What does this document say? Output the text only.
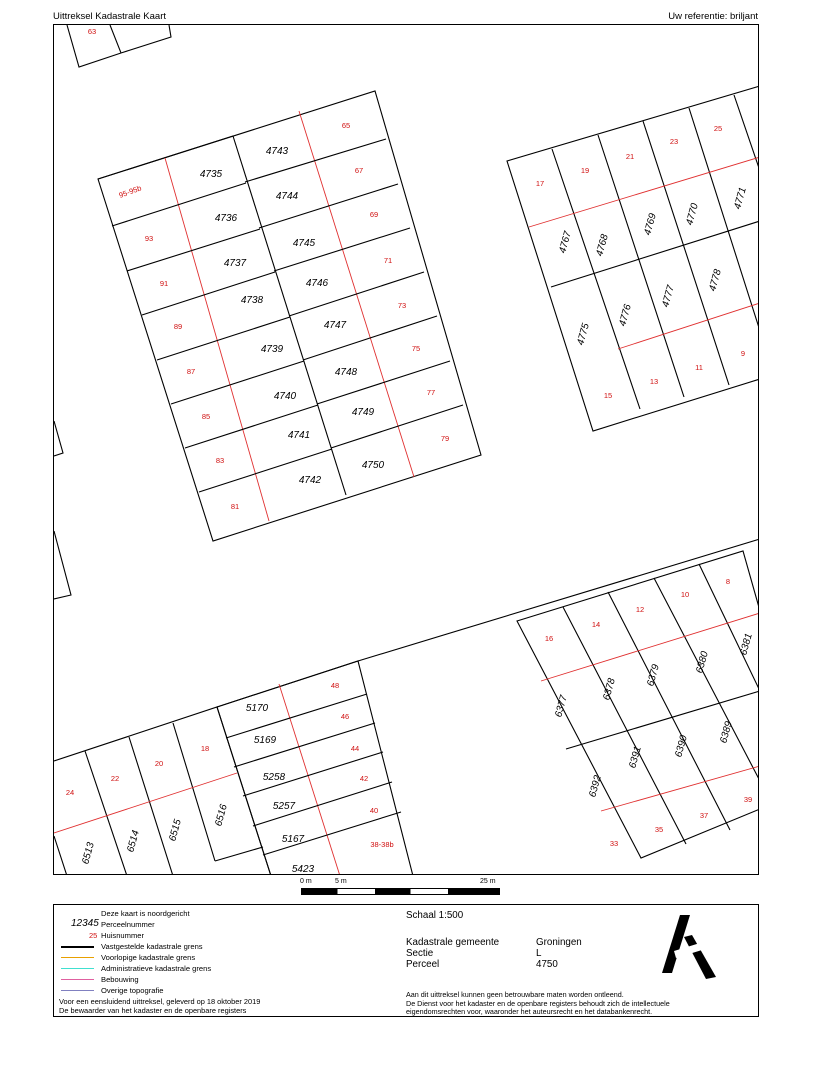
Uittreksel Kadastrale Kaart	Uw referentie: briljant
4735
4736
4737
4738
4739
4740
4741
4742
4743
4744
4745
4746
4747
4748
4749
4750
4767 4768
4769	4770
4771
4775
4776
4777
4778
6377
6378
6379
6380
6381
6392
6391	6390
6389
5170
5169
5258
5257
5167
5423
6513	6514	6515
6516
63
65
67
69
71
73
75
77
79
95-95b
93
91
89
87
85
83
81
17
19
21
23
25
15
13
11
9
16
14
12
10
8
33
35
37
39
48
46
44
42
40
38-38b
24
22
20
18
0 m	5 m	25 m
Deze kaart is noordgericht
12345 Perceelnummer
25 Huisnummer
Vastgestelde kadastrale grens
Voorlopige kadastrale grens
Administratieve kadastrale grens
Bebouwing
Overige topografie
Voor een eensluidend uittreksel, geleverd op 18 oktober 2019
De bewaarder van het kadaster en de openbare registers
Schaal 1:500
Kadastrale gemeente	Groningen
Sectie	L
Perceel	4750
Aan dit uittreksel kunnen geen betrouwbare maten worden ontleend.
De Dienst voor het kadaster en de openbare registers behoudt zich de intellectuele
eigendomsrechten voor, waaronder het auteursrecht en het databankenrecht.
